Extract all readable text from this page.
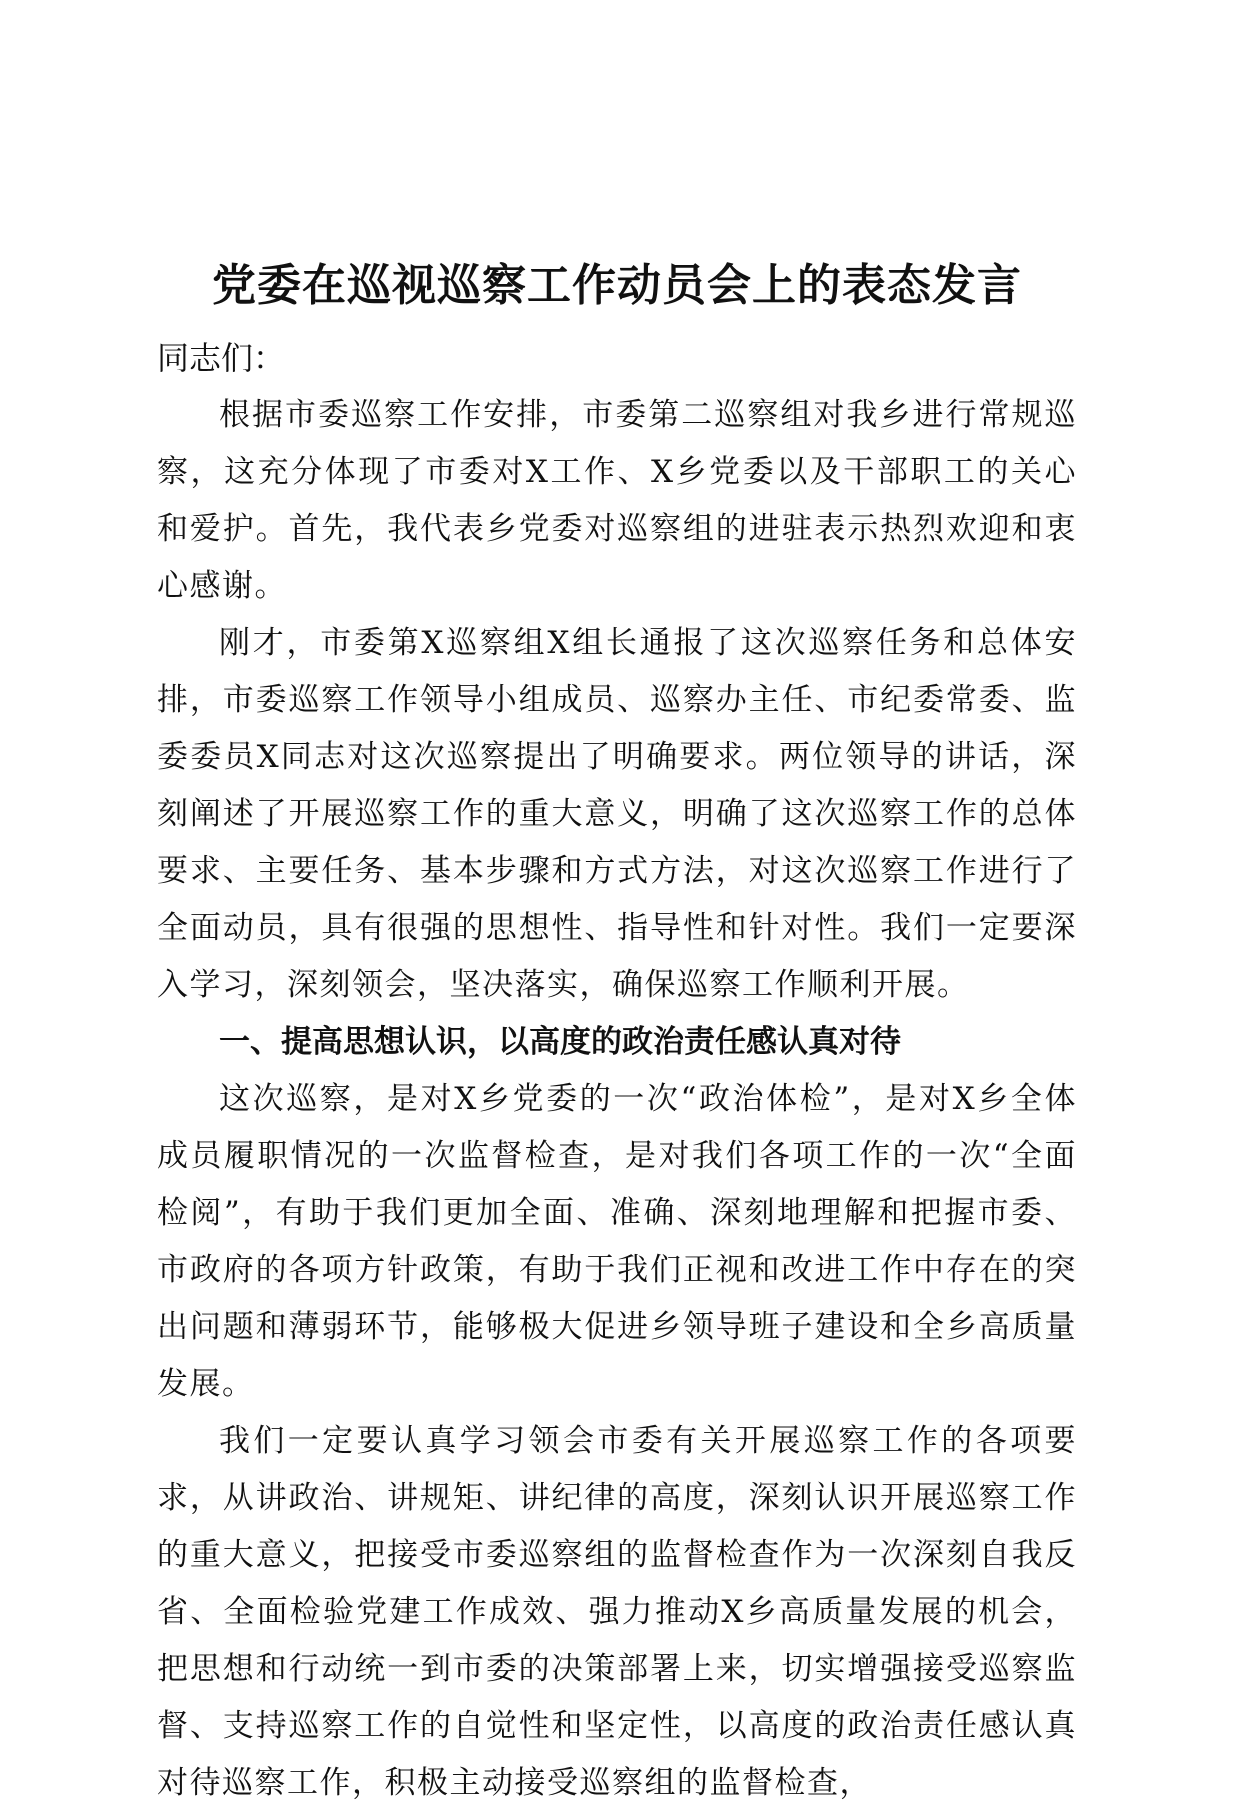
党委在巡视巡察工作动员会上的表态发言

同志们：

根据市委巡察工作安排，市委第二巡察组对我乡进行常规巡察，这充分体现了市委对X工作、X乡党委以及干部职工的关心和爱护。首先，我代表乡党委对巡察组的进驻表示热烈欢迎和衷心感谢。

刚才，市委第X巡察组X组长通报了这次巡察任务和总体安排，市委巡察工作领导小组成员、巡察办主任、市纪委常委、监委委员X同志对这次巡察提出了明确要求。两位领导的讲话，深刻阐述了开展巡察工作的重大意义，明确了这次巡察工作的总体要求、主要任务、基本步骤和方式方法，对这次巡察工作进行了全面动员，具有很强的思想性、指导性和针对性。我们一定要深入学习，深刻领会，坚决落实，确保巡察工作顺利开展。

一、提高思想认识，以高度的政治责任感认真对待

这次巡察，是对X乡党委的一次“政治体检”，是对X乡全体成员履职情况的一次监督检查，是对我们各项工作的一次“全面检阅”，有助于我们更加全面、准确、深刻地理解和把握市委、市政府的各项方针政策，有助于我们正视和改进工作中存在的突出问题和薄弱环节，能够极大促进乡领导班子建设和全乡高质量发展。

我们一定要认真学习领会市委有关开展巡察工作的各项要求，从讲政治、讲规矩、讲纪律的高度，深刻认识开展巡察工作的重大意义，把接受市委巡察组的监督检查作为一次深刻自我反省、全面检验党建工作成效、强力推动X乡高质量发展的机会，把思想和行动统一到市委的决策部署上来，切实增强接受巡察监督、支持巡察工作的自觉性和坚定性，以高度的政治责任感认真对待巡察工作，积极主动接受巡察组的监督检查，
